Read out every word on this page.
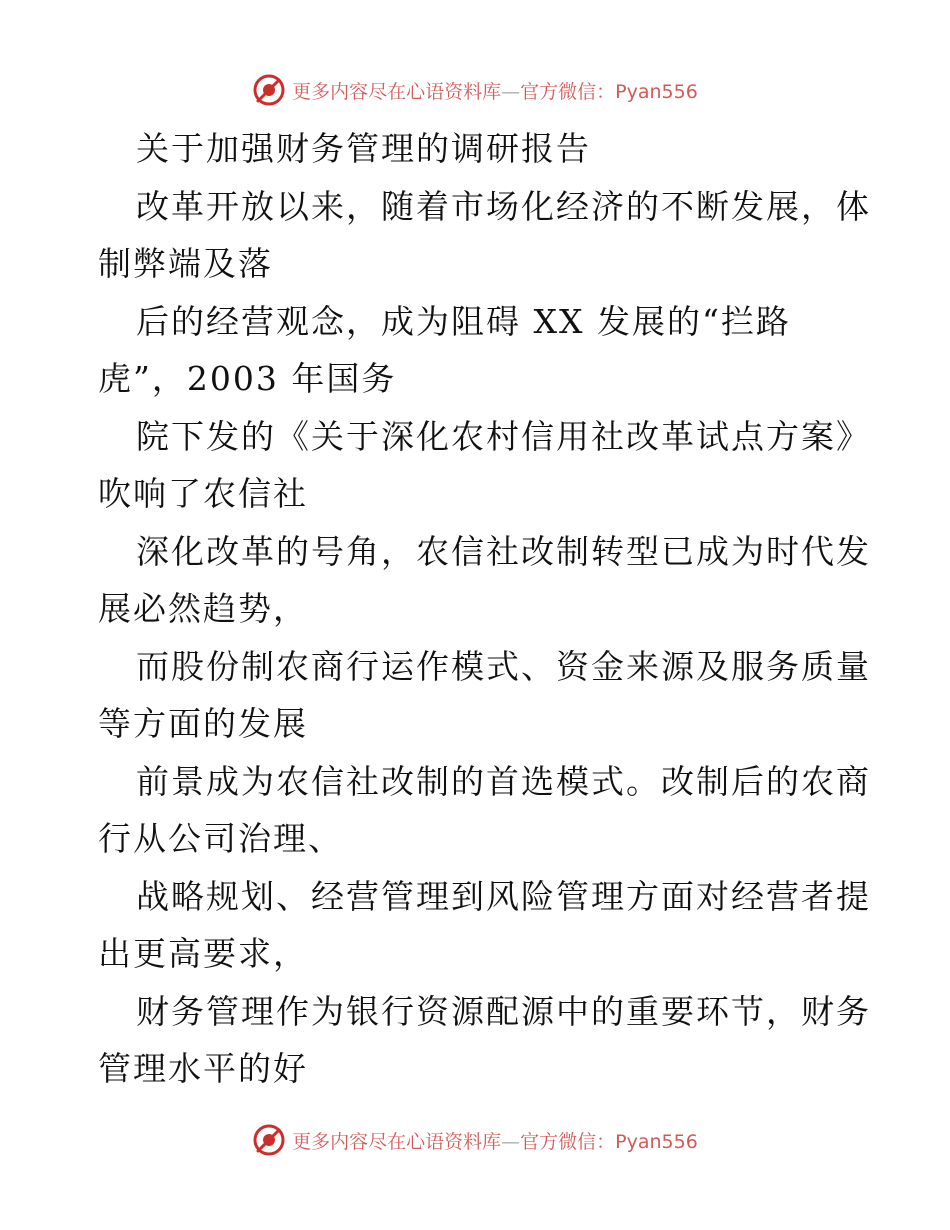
更多内容尽在心语资料库—官方微信：Pyan556
关于加强财务管理的调研报告
改革开放以来，随着市场化经济的不断发展，体
制弊端及落
后的经营观念，成为阻碍 XX 发展的“拦路
虎”，2003 年国务
院下发的《关于深化农村信用社改革试点方案》
吹响了农信社
深化改革的号角，农信社改制转型已成为时代发
展必然趋势，
而股份制农商行运作模式、资金来源及服务质量
等方面的发展
前景成为农信社改制的首选模式。改制后的农商
行从公司治理、
战略规划、经营管理到风险管理方面对经营者提
出更高要求，
财务管理作为银行资源配源中的重要环节，财务
管理水平的好
更多内容尽在心语资料库—官方微信：Pyan556
